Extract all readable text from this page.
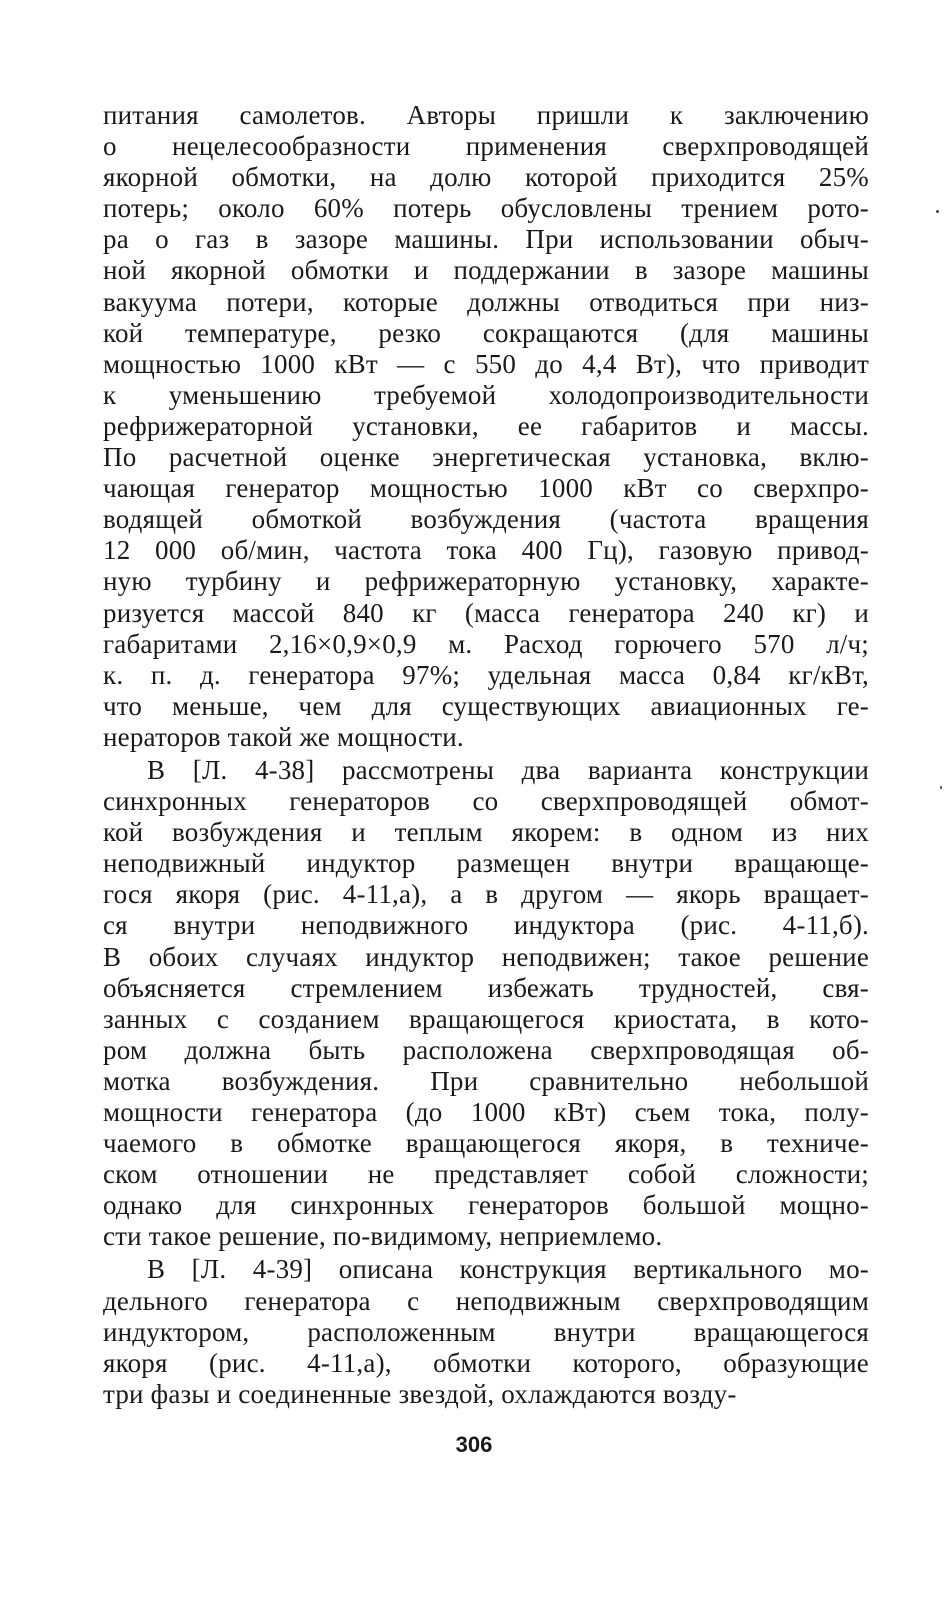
питания самолетов. Авторы пришли к заключению
о нецелесообразности применения сверхпроводящей
якорной обмотки, на долю которой приходится 25%
потерь; около 60% потерь обусловлены трением рото-
ра о газ в зазоре машины. При использовании обыч-
ной якорной обмотки и поддержании в зазоре машины
вакуума потери, которые должны отводиться при низ-
кой температуре, резко сокращаются (для машины
мощностью 1000 кВт — с 550 до 4,4 Вт), что приводит
к уменьшению требуемой холодопроизводительности
рефрижераторной установки, ее габаритов и массы.
По расчетной оценке энергетическая установка, вклю-
чающая генератор мощностью 1000 кВт со сверхпро-
водящей обмоткой возбуждения (частота вращения
12 000 об/мин, частота тока 400 Гц), газовую привод-
ную турбину и рефрижераторную установку, характе-
ризуется массой 840 кг (масса генератора 240 кг) и
габаритами 2,16×0,9×0,9 м. Расход горючего 570 л/ч;
к. п. д. генератора 97%; удельная масса 0,84 кг/кВт,
что меньше, чем для существующих авиационных ге-
нераторов такой же мощности.
В [Л. 4-38] рассмотрены два варианта конструкции
синхронных генераторов со сверхпроводящей обмот-
кой возбуждения и теплым якорем: в одном из них
неподвижный индуктор размещен внутри вращающе-
гося якоря (рис. 4-11,а), а в другом — якорь вращает-
ся внутри неподвижного индуктора (рис. 4-11,б).
В обоих случаях индуктор неподвижен; такое решение
объясняется стремлением избежать трудностей, свя-
занных с созданием вращающегося криостата, в кото-
ром должна быть расположена сверхпроводящая об-
мотка возбуждения. При сравнительно небольшой
мощности генератора (до 1000 кВт) съем тока, полу-
чаемого в обмотке вращающегося якоря, в техниче-
ском отношении не представляет собой сложности;
однако для синхронных генераторов большой мощно-
сти такое решение, по-видимому, неприемлемо.
В [Л. 4-39] описана конструкция вертикального мо-
дельного генератора с неподвижным сверхпроводящим
индуктором, расположенным внутри вращающегося
якоря (рис. 4-11,а), обмотки которого, образующие
три фазы и соединенные звездой, охлаждаются возду-
306
